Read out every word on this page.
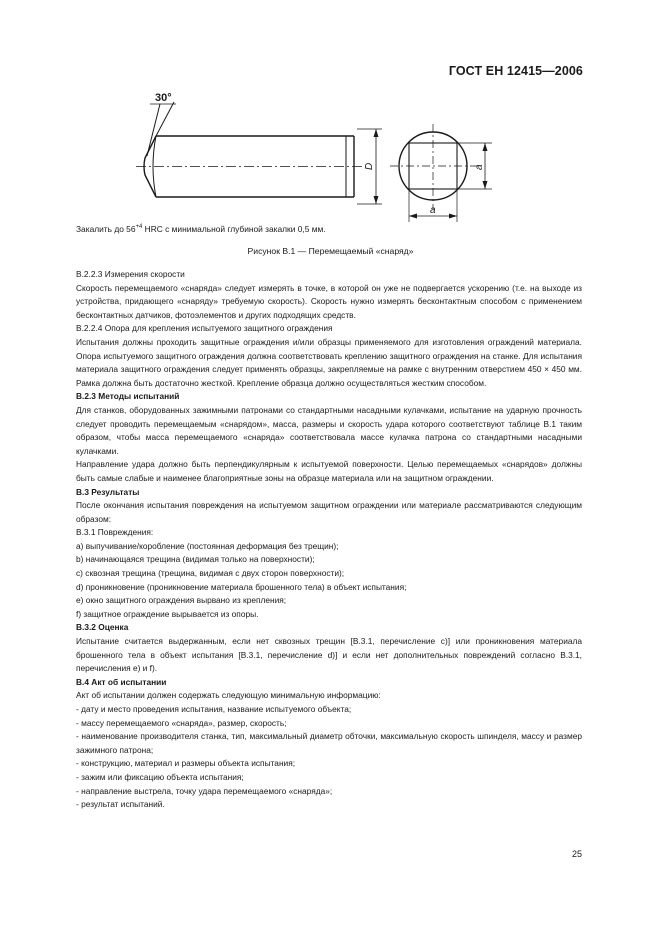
ГОСТ ЕН 12415—2006
30°
D	a
a
Закалить до $56^{+4}$ HRC с минимальной глубиной закалки 0,5 мм.
Рисунок В.1 — Перемещаемый «снаряд»

В.2.2.3 Измерения скорости

Скорость перемещаемого «снаряда» следует измерять в точке, в которой он уже не подвергается ускорению (т.е. на выходе из устройства, придающего «снаряду» требуемую скорость). Скорость нужно измерять бесконтактным способом с применением бесконтактных датчиков, фотоэлементов и других подходящих средств.

В.2.2.4 Опора для крепления испытуемого защитного ограждения

Испытания должны проходить защитные ограждения и/или образцы применяемого для изготовления ограждений материала. Опора испытуемого защитного ограждения должна соответствовать креплению защитного ограждения на станке. Для испытания материала защитного ограждения следует применять образцы, закрепляемые на рамке с внутренним отверстием 450 × 450 мм. Рамка должна быть достаточно жесткой. Крепление образца должно осуществляться жестким способом.

В.2.3 Методы испытаний

Для станков, оборудованных зажимными патронами со стандартными насадными кулачками, испытание на ударную прочность следует проводить перемещаемым «снарядом», масса, размеры и скорость удара которого соответствуют таблице В.1 таким образом, чтобы масса перемещаемого «снаряда» соответствовала массе кулачка патрона со стандартными насадными кулачками.

Направление удара должно быть перпендикулярным к испытуемой поверхности. Целью перемещаемых «снарядов» должны быть самые слабые и наименее благоприятные зоны на образце материала или на защитном ограждении.

В.3 Результаты

После окончания испытания повреждения на испытуемом защитном ограждении или материале рассматриваются следующим образом:

В.3.1 Повреждения:

a) выпучивание/коробление (постоянная деформация без трещин);

b) начинающаяся трещина (видимая только на поверхности);

c) сквозная трещина (трещина, видимая с двух сторон поверхности);

d) проникновение (проникновение материала брошенного тела) в объект испытания;

e) окно защитного ограждения вырвано из крепления;

f) защитное ограждение вырывается из опоры.

В.3.2 Оценка

Испытание считается выдержанным, если нет сквозных трещин [В.3.1, перечисление с)] или проникновения материала брошенного тела в объект испытания [В.3.1, перечисление d)] и если нет дополнительных повреждений согласно В.3.1, перечисления е) и f).

В.4 Акт об испытании

Акт об испытании должен содержать следующую минимальную информацию:

- дату и место проведения испытания, название испытуемого объекта;

- массу перемещаемого «снаряда», размер, скорость;

- наименование производителя станка, тип, максимальный диаметр обточки, максимальную скорость шпинделя, массу и размер зажимного патрона;

- конструкцию, материал и размеры объекта испытания;

- зажим или фиксацию объекта испытания;

- направление выстрела, точку удара перемещаемого «снаряда»;

- результат испытаний.

25
